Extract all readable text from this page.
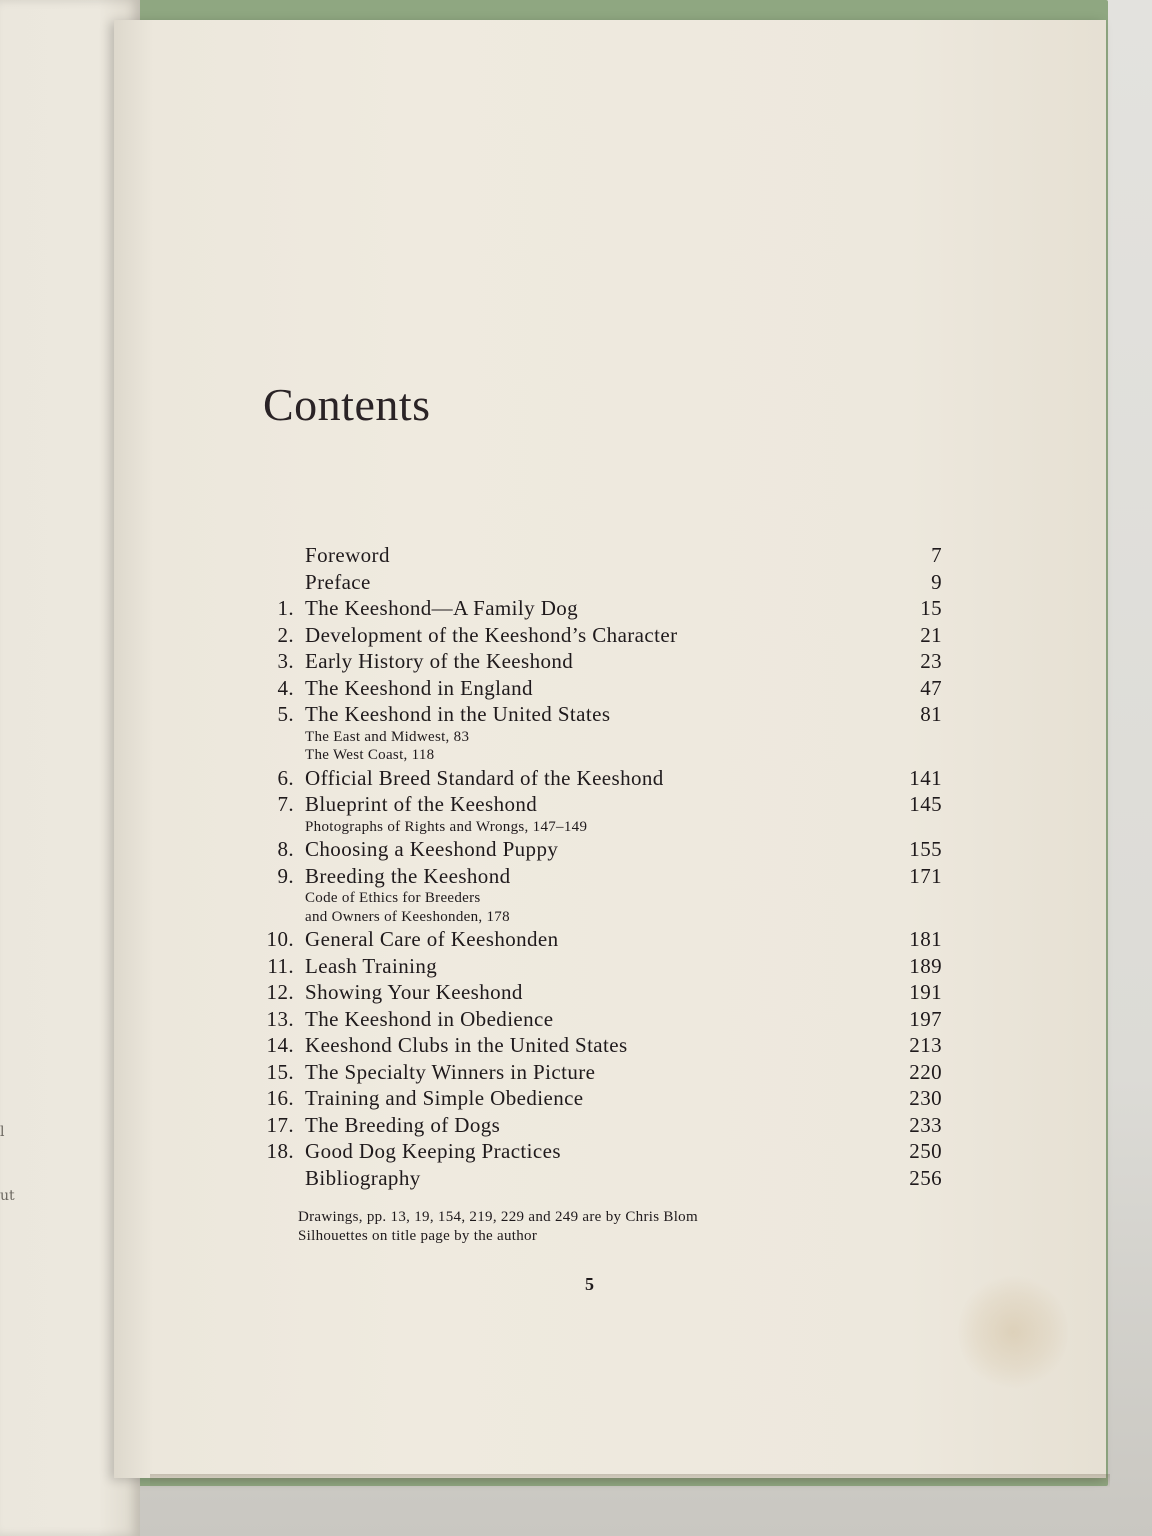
l
ut
Contents
Foreword	7
Preface	9
1. The Keeshond—A Family Dog	15
2. Development of the Keeshond’s Character	21
3. Early History of the Keeshond	23
4. The Keeshond in England	47
5. The Keeshond in the United States	81
The East and Midwest, 83
The West Coast, 118
6. Official Breed Standard of the Keeshond	141
7. Blueprint of the Keeshond	145
Photographs of Rights and Wrongs, 147–149
8. Choosing a Keeshond Puppy	155
9. Breeding the Keeshond	171
Code of Ethics for Breeders
and Owners of Keeshonden, 178
10. General Care of Keeshonden	181
11. Leash Training	189
12. Showing Your Keeshond	191
13. The Keeshond in Obedience	197
14. Keeshond Clubs in the United States	213
15. The Specialty Winners in Picture	220
16. Training and Simple Obedience	230
17. The Breeding of Dogs	233
18. Good Dog Keeping Practices	250
Bibliography	256
Drawings, pp. 13, 19, 154, 219, 229 and 249 are by Chris Blom
Silhouettes on title page by the author
5
